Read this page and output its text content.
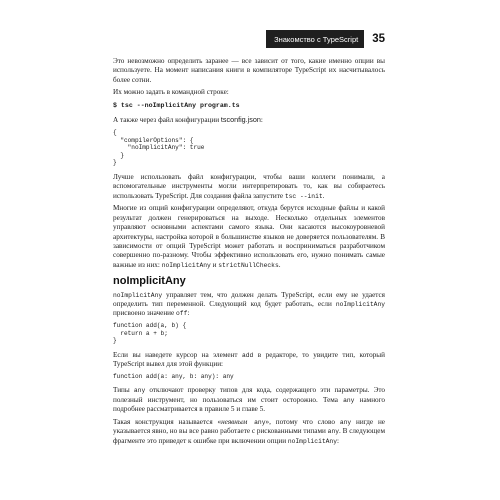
Знакомство с TypeScript 35

Это невозможно определить заранее — все зависит от того, какие именно опции вы используете. На момент написания книги в компиляторе TypeScript их насчитывалось более сотни.

Их можно задать в командной строке:

$ tsc --noImplicitAny program.ts

А также через файл конфигурации tsconfig.json:

{
"compilerOptions": {
"noImplicitAny": true
}
}

Лучше использовать файл конфигурации, чтобы ваши коллеги понимали, а вспомогательные инструменты могли интерпретировать то, как вы собираетесь использовать TypeScript. Для создания файла запустите tsc --init.

Многие из опций конфигурации определяют, откуда берутся исходные файлы и какой результат должен генерироваться на выходе. Несколько отдельных элементов управляют основными аспектами самого языка. Они касаются высокоуровневой архитектуры, настройка которой в большинстве языков не доверяется пользователям. В зависимости от опций TypeScript может работать и восприниматься разработчиком совершенно по-разному. Чтобы эффективно использовать его, нужно понимать самые важные из них: noImplicitAny и strictNullChecks.

noImplicitAny

noImplicitAny управляет тем, что должен делать TypeScript, если ему не удается определить тип переменной. Следующий код будет работать, если noImplicitAny присвоено значение off:

function add(a, b) {
return a + b;
}

Если вы наведете курсор на элемент add в редакторе, то увидите тип, который TypeScript вывел для этой функции:

function add(a: any, b: any): any

Типы any отключают проверку типов для кода, содержащего эти параметры. Это полезный инструмент, но пользоваться им стоит осторожно. Тема any намного подробнее рассматривается в правиле 5 и главе 5.

Такая конструкция называется «неявным any», потому что слово any нигде не указывается явно, но вы все равно работаете с рискованными типами any. В следующем фрагменте это приведет к ошибке при включении опции noImplicitAny:
